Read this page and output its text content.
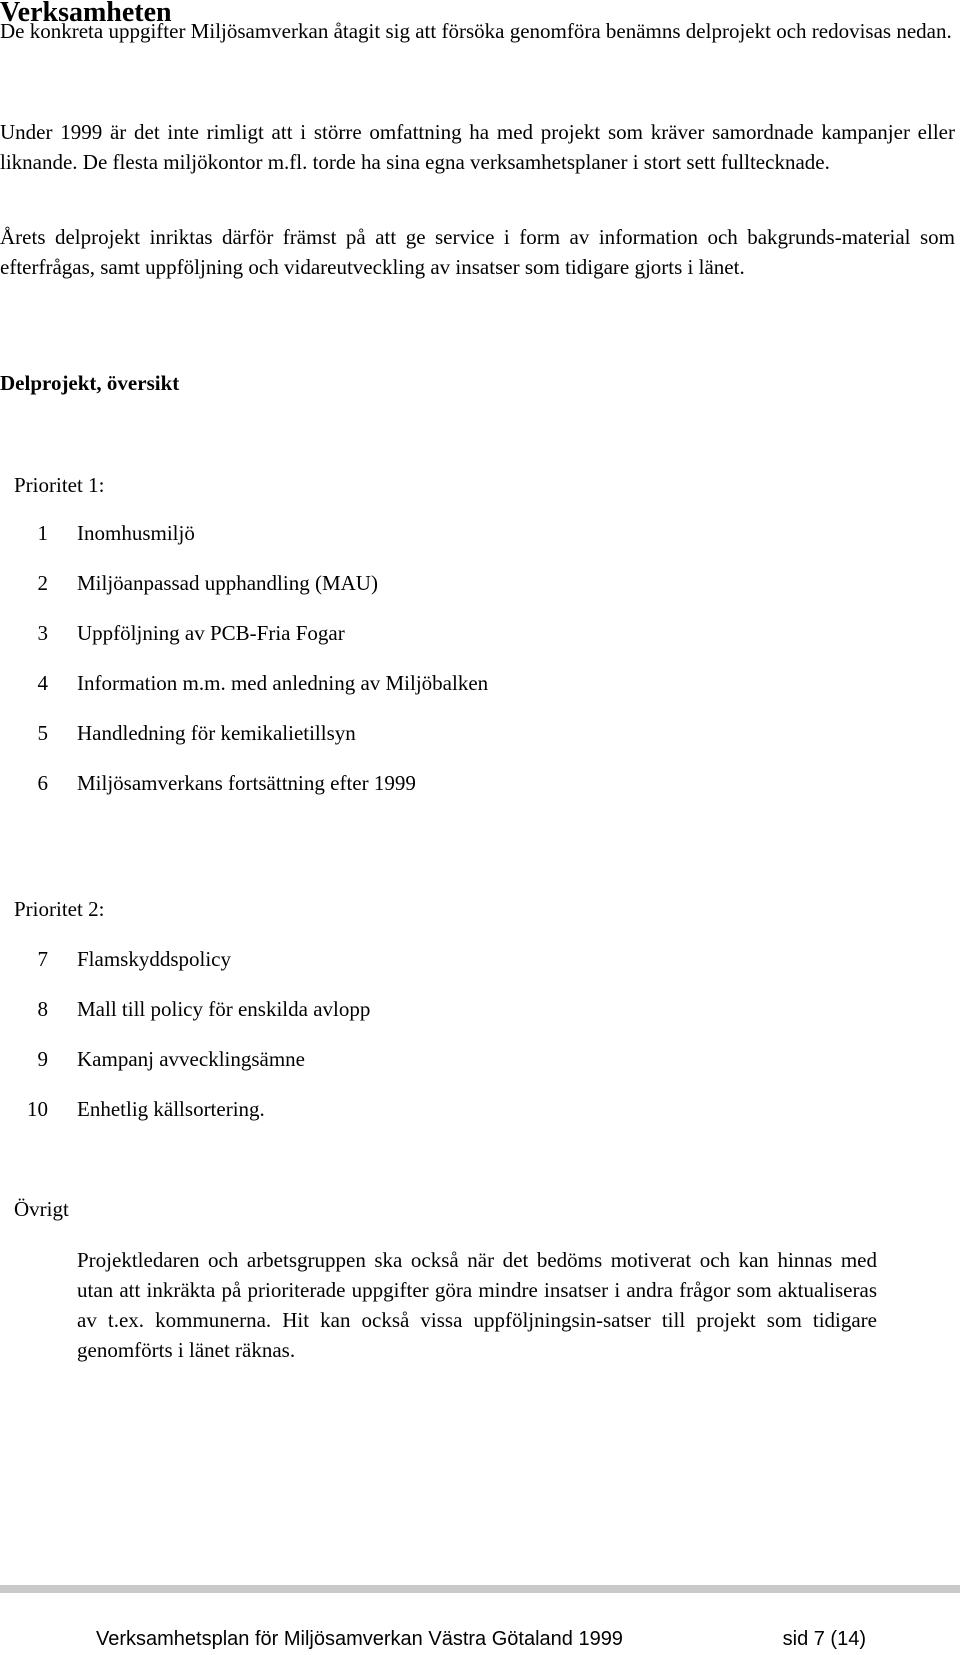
Verksamheten

De konkreta uppgifter Miljösamverkan åtagit sig att försöka genomföra benämns delprojekt och redovisas nedan.

Under 1999 är det inte rimligt att i större omfattning ha med projekt som kräver samordnade kampanjer eller liknande. De flesta miljökontor m.fl. torde ha sina egna verksamhetsplaner i stort sett fulltecknade.

Årets delprojekt inriktas därför främst på att ge service i form av information och bakgrunds-material som efterfrågas, samt uppföljning och vidareutveckling av insatser som tidigare gjorts i länet.

Delprojekt, översikt

Prioritet 1:

1 Inomhusmiljö
2 Miljöanpassad upphandling (MAU)
3 Uppföljning av PCB-Fria Fogar
4 Information m.m. med anledning av Miljöbalken
5 Handledning för kemikalietillsyn
6 Miljösamverkans fortsättning efter 1999

Prioritet 2:

7 Flamskyddspolicy
8 Mall till policy för enskilda avlopp
9 Kampanj avvecklingsämne
10 Enhetlig källsortering.

Övrigt

Projektledaren och arbetsgruppen ska också när det bedöms motiverat och kan hinnas med utan att inkräkta på prioriterade uppgifter göra mindre insatser i andra frågor som aktualiseras av t.ex. kommunerna. Hit kan också vissa uppföljningsin-satser till projekt som tidigare genomförts i länet räknas.

Verksamhetsplan för Miljösamverkan Västra Götaland 1999	sid 7 (14)
